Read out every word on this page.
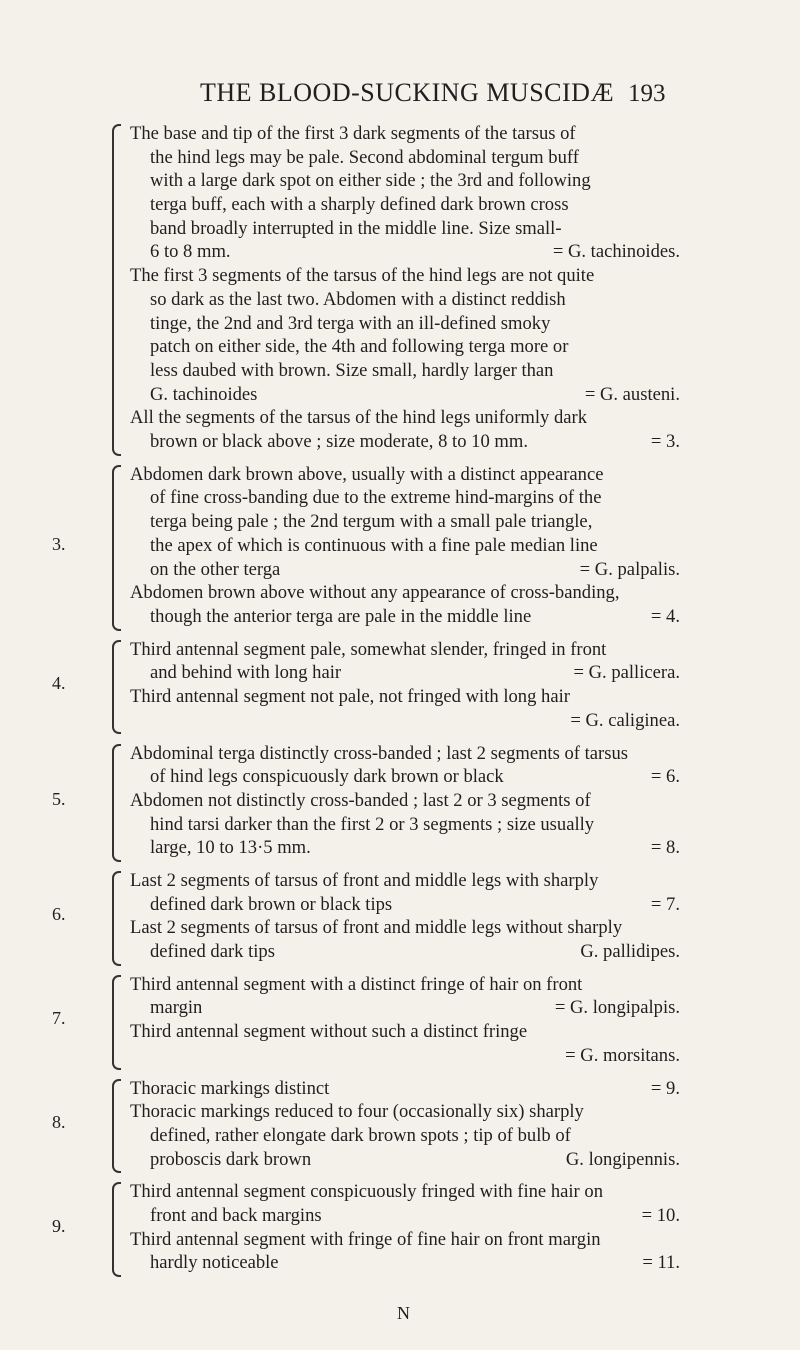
THE BLOOD-SUCKING MUSCIDÆ 193
The base and tip of the first 3 dark segments of the tarsus of
the hind legs may be pale. Second abdominal tergum buff
with a large dark spot on either side ; the 3rd and following
terga buff, each with a sharply defined dark brown cross
band broadly interrupted in the middle line. Size small-
6 to 8 mm.	= G. tachinoides.
The first 3 segments of the tarsus of the hind legs are not quite
so dark as the last two. Abdomen with a distinct reddish
tinge, the 2nd and 3rd terga with an ill-defined smoky
patch on either side, the 4th and following terga more or
less daubed with brown. Size small, hardly larger than
G. tachinoides	= G. austeni.
All the segments of the tarsus of the hind legs uniformly dark
brown or black above ; size moderate, 8 to 10 mm.	= 3.
3.
Abdomen dark brown above, usually with a distinct appearance
of fine cross-banding due to the extreme hind-margins of the
terga being pale ; the 2nd tergum with a small pale triangle,
the apex of which is continuous with a fine pale median line
on the other terga	= G. palpalis.
Abdomen brown above without any appearance of cross-banding,
though the anterior terga are pale in the middle line	= 4.
4.
Third antennal segment pale, somewhat slender, fringed in front
and behind with long hair	= G. pallicera.
Third antennal segment not pale, not fringed with long hair
= G. caliginea.
5.
Abdominal terga distinctly cross-banded ; last 2 segments of tarsus
of hind legs conspicuously dark brown or black	= 6.
Abdomen not distinctly cross-banded ; last 2 or 3 segments of
hind tarsi darker than the first 2 or 3 segments ; size usually
large, 10 to 13·5 mm.	= 8.
6.
Last 2 segments of tarsus of front and middle legs with sharply
defined dark brown or black tips	= 7.
Last 2 segments of tarsus of front and middle legs without sharply
defined dark tips	G. pallidipes.
7.
Third antennal segment with a distinct fringe of hair on front
margin	= G. longipalpis.
Third antennal segment without such a distinct fringe
= G. morsitans.
8.
Thoracic markings distinct	= 9.
Thoracic markings reduced to four (occasionally six) sharply
defined, rather elongate dark brown spots ; tip of bulb of
proboscis dark brown	G. longipennis.
9.
Third antennal segment conspicuously fringed with fine hair on
front and back margins	= 10.
Third antennal segment with fringe of fine hair on front margin
hardly noticeable	= 11.
N
